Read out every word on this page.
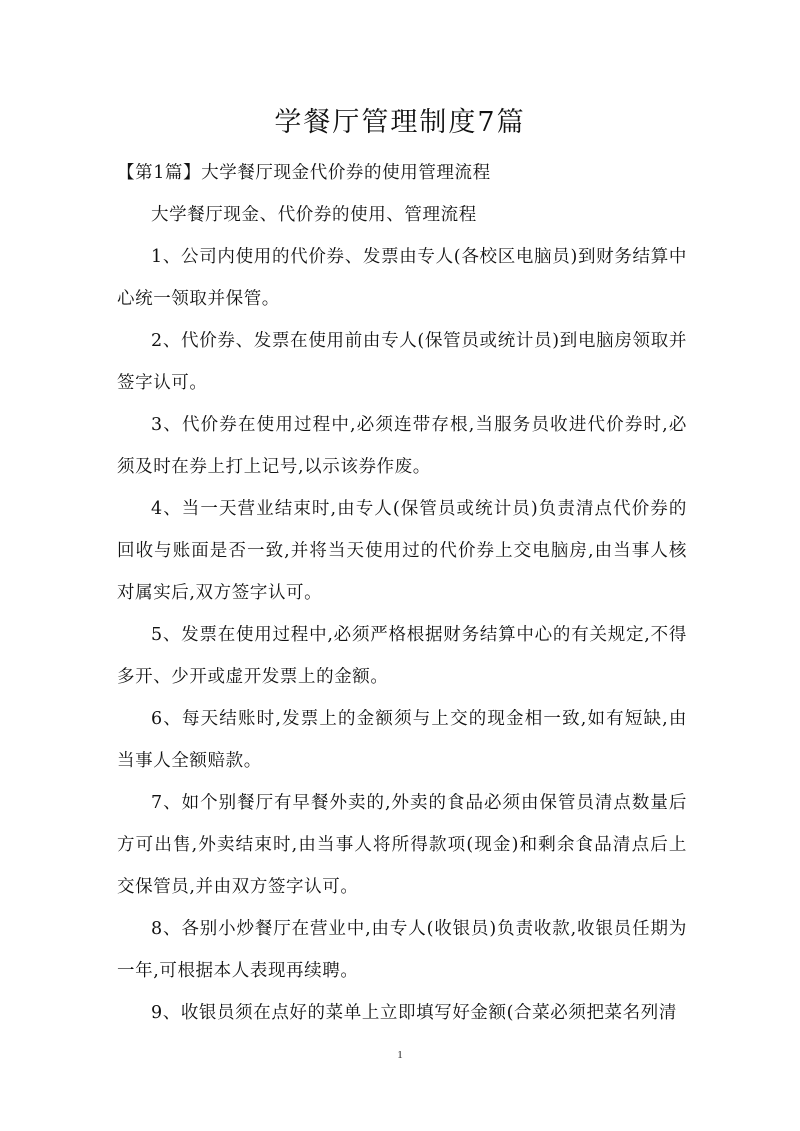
学餐厅管理制度7篇

【第1篇】大学餐厅现金代价券的使用管理流程

大学餐厅现金、代价券的使用、管理流程

1、公司内使用的代价券、发票由专人(各校区电脑员)到财务结算中心统一领取并保管。

2、代价券、发票在使用前由专人(保管员或统计员)到电脑房领取并签字认可。

3、代价券在使用过程中,必须连带存根,当服务员收进代价券时,必须及时在券上打上记号,以示该券作废。

4、当一天营业结束时,由专人(保管员或统计员)负责清点代价券的回收与账面是否一致,并将当天使用过的代价券上交电脑房,由当事人核对属实后,双方签字认可。

5、发票在使用过程中,必须严格根据财务结算中心的有关规定,不得多开、少开或虚开发票上的金额。

6、每天结账时,发票上的金额须与上交的现金相一致,如有短缺,由当事人全额赔款。

7、如个别餐厅有早餐外卖的,外卖的食品必须由保管员清点数量后方可出售,外卖结束时,由当事人将所得款项(现金)和剩余食品清点后上交保管员,并由双方签字认可。

8、各别小炒餐厅在营业中,由专人(收银员)负责收款,收银员任期为一年,可根据本人表现再续聘。

9、收银员须在点好的菜单上立即填写好金额(合菜必须把菜名列清

1
